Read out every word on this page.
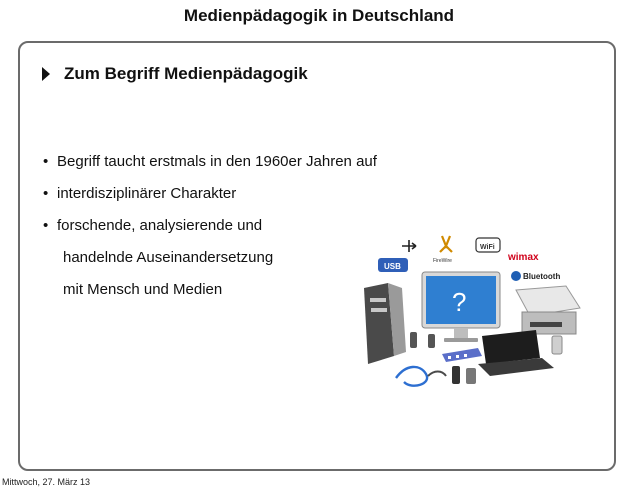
Medienpädagogik in Deutschland
Zum Begriff Medienpädagogik
• Begriff taucht erstmals in den 1960er Jahren auf
• interdisziplinärer Charakter
• forschende, analysierende und
handelnde Auseinandersetzung
mit Mensch und Medien
FireWire
WiFi
wimax
USB
Bluetooth
?
Mittwoch, 27. März 13
